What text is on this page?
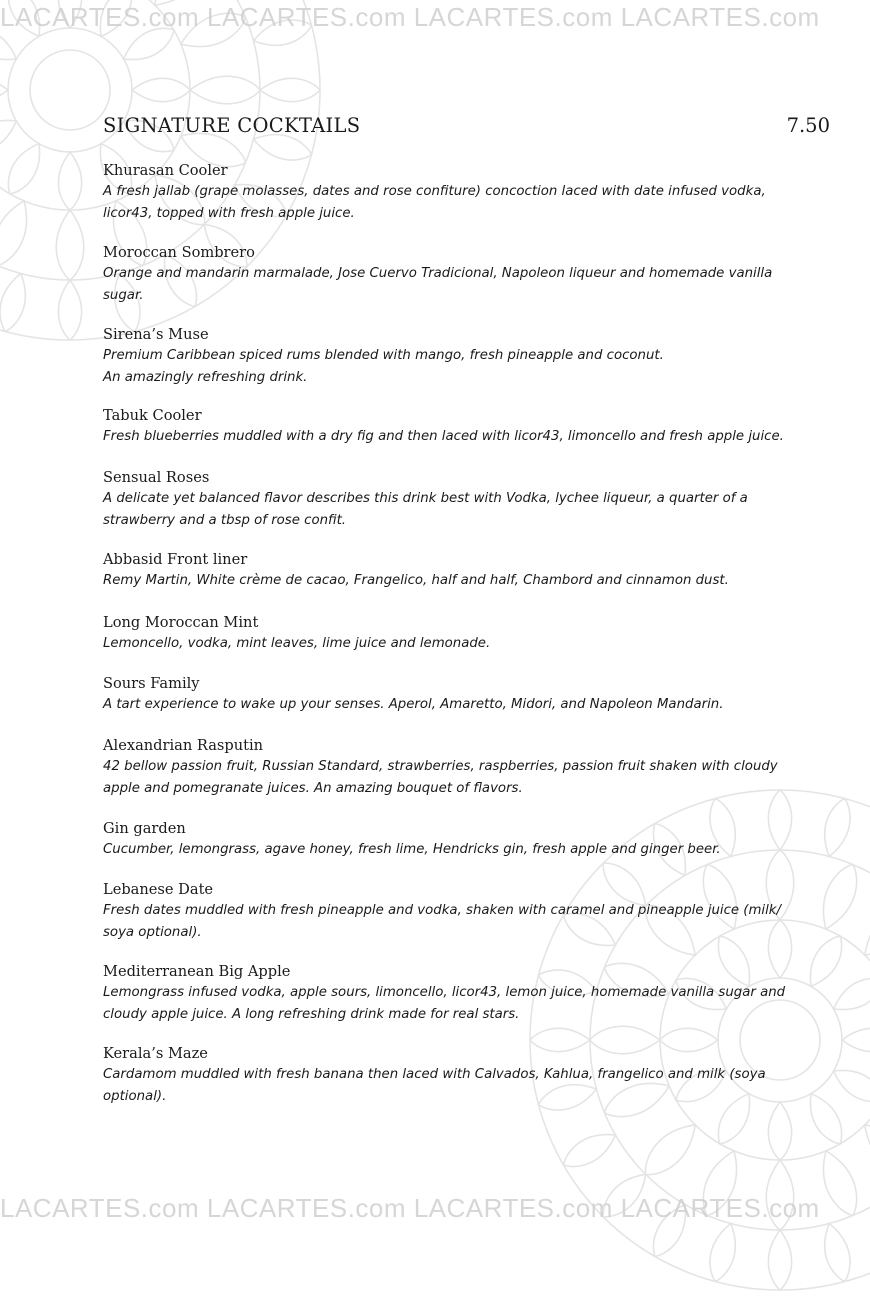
LACARTES.com LACARTES.com LACARTES.com LACARTES.com
LACARTES.com LACARTES.com LACARTES.com LACARTES.com
SIGNATURE COCKTAILS	7.50
Khurasan Cooler
A fresh jallab (grape molasses, dates and rose confiture) concoction laced with date infused vodka,
licor43, topped with fresh apple juice.
Moroccan Sombrero
Orange and mandarin marmalade, Jose Cuervo Tradicional, Napoleon liqueur and homemade vanilla
sugar.
Sirena’s Muse
Premium Caribbean spiced rums blended with mango, fresh pineapple and coconut.
An amazingly refreshing drink.
Tabuk Cooler
Fresh blueberries muddled with a dry fig and then laced with licor43, limoncello and fresh apple juice.
Sensual Roses
A delicate yet balanced flavor describes this drink best with Vodka, lychee liqueur, a quarter of a
strawberry and a tbsp of rose confit.
Abbasid Front liner
Remy Martin, White crème de cacao, Frangelico, half and half, Chambord and cinnamon dust.
Long Moroccan Mint
Lemoncello, vodka, mint leaves, lime juice and lemonade.
Sours Family
A tart experience to wake up your senses. Aperol, Amaretto, Midori, and Napoleon Mandarin.
Alexandrian Rasputin
42 bellow passion fruit, Russian Standard, strawberries, raspberries, passion fruit shaken with cloudy
apple and pomegranate juices. An amazing bouquet of flavors.
Gin garden
Cucumber, lemongrass, agave honey, fresh lime, Hendricks gin, fresh apple and ginger beer.
Lebanese Date
Fresh dates muddled with fresh pineapple and vodka, shaken with caramel and pineapple juice (milk/
soya optional).
Mediterranean Big Apple
Lemongrass infused vodka, apple sours, limoncello, licor43, lemon juice, homemade vanilla sugar and
cloudy apple juice. A long refreshing drink made for real stars.
Kerala’s Maze
Cardamom muddled with fresh banana then laced with Calvados, Kahlua, frangelico and milk (soya
optional).
